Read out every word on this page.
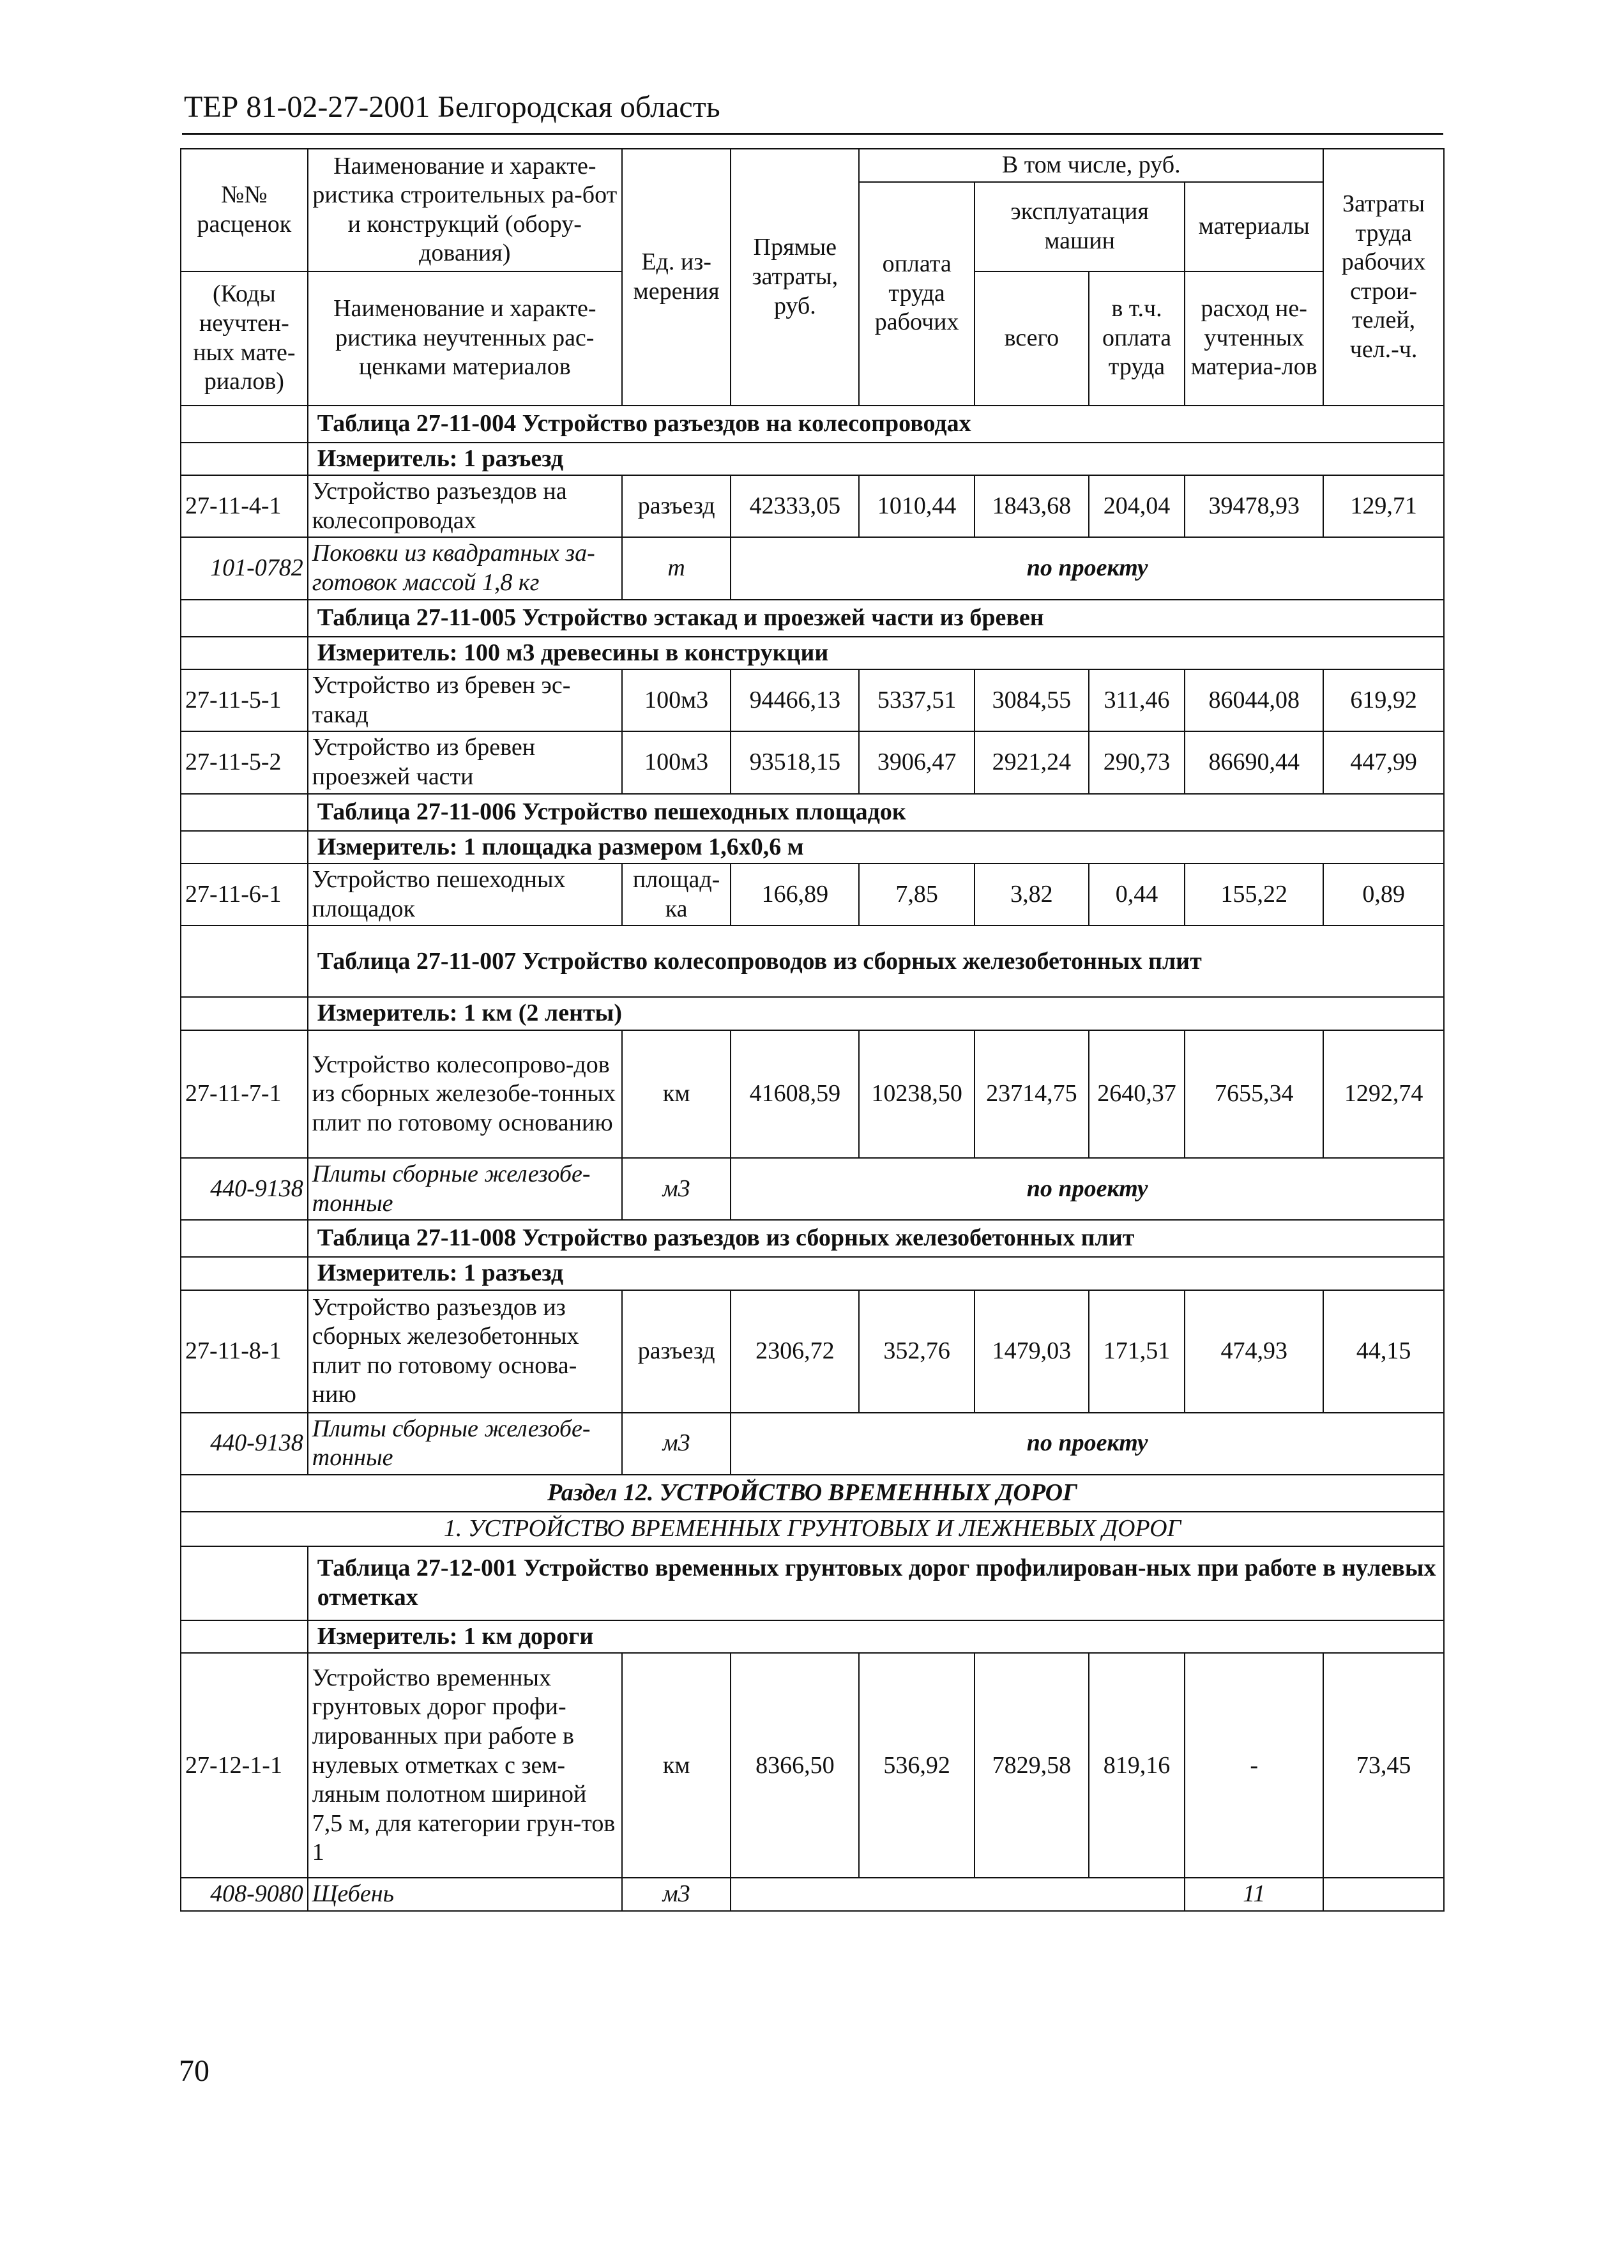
ТЕР 81-02-27-2001 Белгородская область
№№ расценок	Наименование и характе-ристика строительных ра-бот и конструкций (обору-дования)	Ед. из-мерения	Прямые затраты, руб.	В том числе, руб.				Затраты труда рабочих строи-телей, чел.-ч.
				оплата труда рабочих	эксплуатация машин		материалы	
(Коды неучтен-ных мате-риалов)	Наименование и характе-ристика неучтенных рас-ценками материалов				всего	в т.ч. оплата труда	расход не-учтенных материа-лов	

	Таблица 27-11-004 Устройство разъездов на колесопроводах							
	Измеритель: 1 разъезд							
27-11-4-1	Устройство разъездов на колесопроводах	разъезд	42333,05	1010,44	1843,68	204,04	39478,93	129,71
101-0782	Поковки из квадратных за-готовок массой 1,8 кг	т	по проекту					
	Таблица 27-11-005 Устройство эстакад и проезжей части из бревен							
	Измеритель: 100 м3 древесины в конструкции							
27-11-5-1	Устройство из бревен эс-такад	100м3	94466,13	5337,51	3084,55	311,46	86044,08	619,92
27-11-5-2	Устройство из бревен проезжей части	100м3	93518,15	3906,47	2921,24	290,73	86690,44	447,99
	Таблица 27-11-006 Устройство пешеходных площадок							
	Измеритель: 1 площадка размером 1,6х0,6 м							
27-11-6-1	Устройство пешеходных площадок	площад-ка	166,89	7,85	3,82	0,44	155,22	0,89
	Таблица 27-11-007 Устройство колесопроводов из сборных железобетонных плит							
	Измеритель: 1 км (2 ленты)							
27-11-7-1	Устройство колесопрово-дов из сборных железобе-тонных плит по готовому основанию	км	41608,59	10238,50	23714,75	2640,37	7655,34	1292,74
440-9138	Плиты сборные железобе-тонные	м3	по проекту					
	Таблица 27-11-008 Устройство разъездов из сборных железобетонных плит							
	Измеритель: 1 разъезд							
27-11-8-1	Устройство разъездов из сборных железобетонных плит по готовому основа-нию	разъезд	2306,72	352,76	1479,03	171,51	474,93	44,15
440-9138	Плиты сборные железобе-тонные	м3	по проекту					
Раздел 12. УСТРОЙСТВО ВРЕМЕННЫХ ДОРОГ								
1. УСТРОЙСТВО ВРЕМЕННЫХ ГРУНТОВЫХ И ЛЕЖНЕВЫХ ДОРОГ								
	Таблица 27-12-001 Устройство временных грунтовых дорог профилирован-ных при работе в нулевых отметках							
	Измеритель: 1 км дороги							
27-12-1-1	Устройство временных грунтовых дорог профи-лированных при работе в нулевых отметках с зем-ляным полотном шириной 7,5 м, для категории грун-тов 1	км	8366,50	536,92	7829,58	819,16	-	73,45
408-9080	Щебень	м3					11	
70
